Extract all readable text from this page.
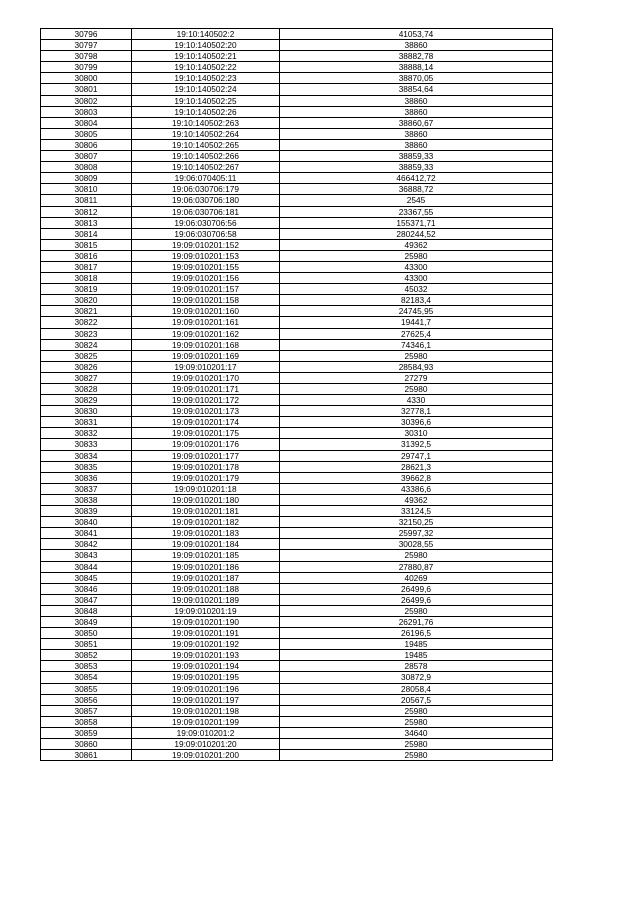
30796	19:10:140502:2	41053,74
30797	19:10:140502:20	38860
30798	19:10:140502:21	38882,78
30799	19:10:140502:22	38888,14
30800	19:10:140502:23	38870,05
30801	19:10:140502:24	38854,64
30802	19:10:140502:25	38860
30803	19:10:140502:26	38860
30804	19:10:140502:263	38860,67
30805	19:10:140502:264	38860
30806	19:10:140502:265	38860
30807	19:10:140502:266	38859,33
30808	19:10:140502:267	38859,33
30809	19:06:070405:11	466412,72
30810	19:06:030706:179	36888,72
30811	19:06:030706:180	2545
30812	19:06:030706:181	23367,55
30813	19:06:030706:56	155371,71
30814	19:06:030706:58	280244,52
30815	19:09:010201:152	49362
30816	19:09:010201:153	25980
30817	19:09:010201:155	43300
30818	19:09:010201:156	43300
30819	19:09:010201:157	45032
30820	19:09:010201:158	82183,4
30821	19:09:010201:160	24745,95
30822	19:09:010201:161	19441,7
30823	19:09:010201:162	27625,4
30824	19:09:010201:168	74346,1
30825	19:09:010201:169	25980
30826	19:09:010201:17	28584,93
30827	19:09:010201:170	27279
30828	19:09:010201:171	25980
30829	19:09:010201:172	4330
30830	19:09:010201:173	32778,1
30831	19:09:010201:174	30396,6
30832	19:09:010201:175	30310
30833	19:09:010201:176	31392,5
30834	19:09:010201:177	29747,1
30835	19:09:010201:178	28621,3
30836	19:09:010201:179	39662,8
30837	19:09:010201:18	43386,6
30838	19:09:010201:180	49362
30839	19:09:010201:181	33124,5
30840	19:09:010201:182	32150,25
30841	19:09:010201:183	25997,32
30842	19:09:010201:184	30028,55
30843	19:09:010201:185	25980
30844	19:09:010201:186	27880,87
30845	19:09:010201:187	40269
30846	19:09:010201:188	26499,6
30847	19:09:010201:189	26499,6
30848	19:09:010201:19	25980
30849	19:09:010201:190	26291,76
30850	19:09:010201:191	26196,5
30851	19:09:010201:192	19485
30852	19:09:010201:193	19485
30853	19:09:010201:194	28578
30854	19:09:010201:195	30872,9
30855	19:09:010201:196	28058,4
30856	19:09:010201:197	20567,5
30857	19:09:010201:198	25980
30858	19:09:010201:199	25980
30859	19:09:010201:2	34640
30860	19:09:010201:20	25980
30861	19:09:010201:200	25980
